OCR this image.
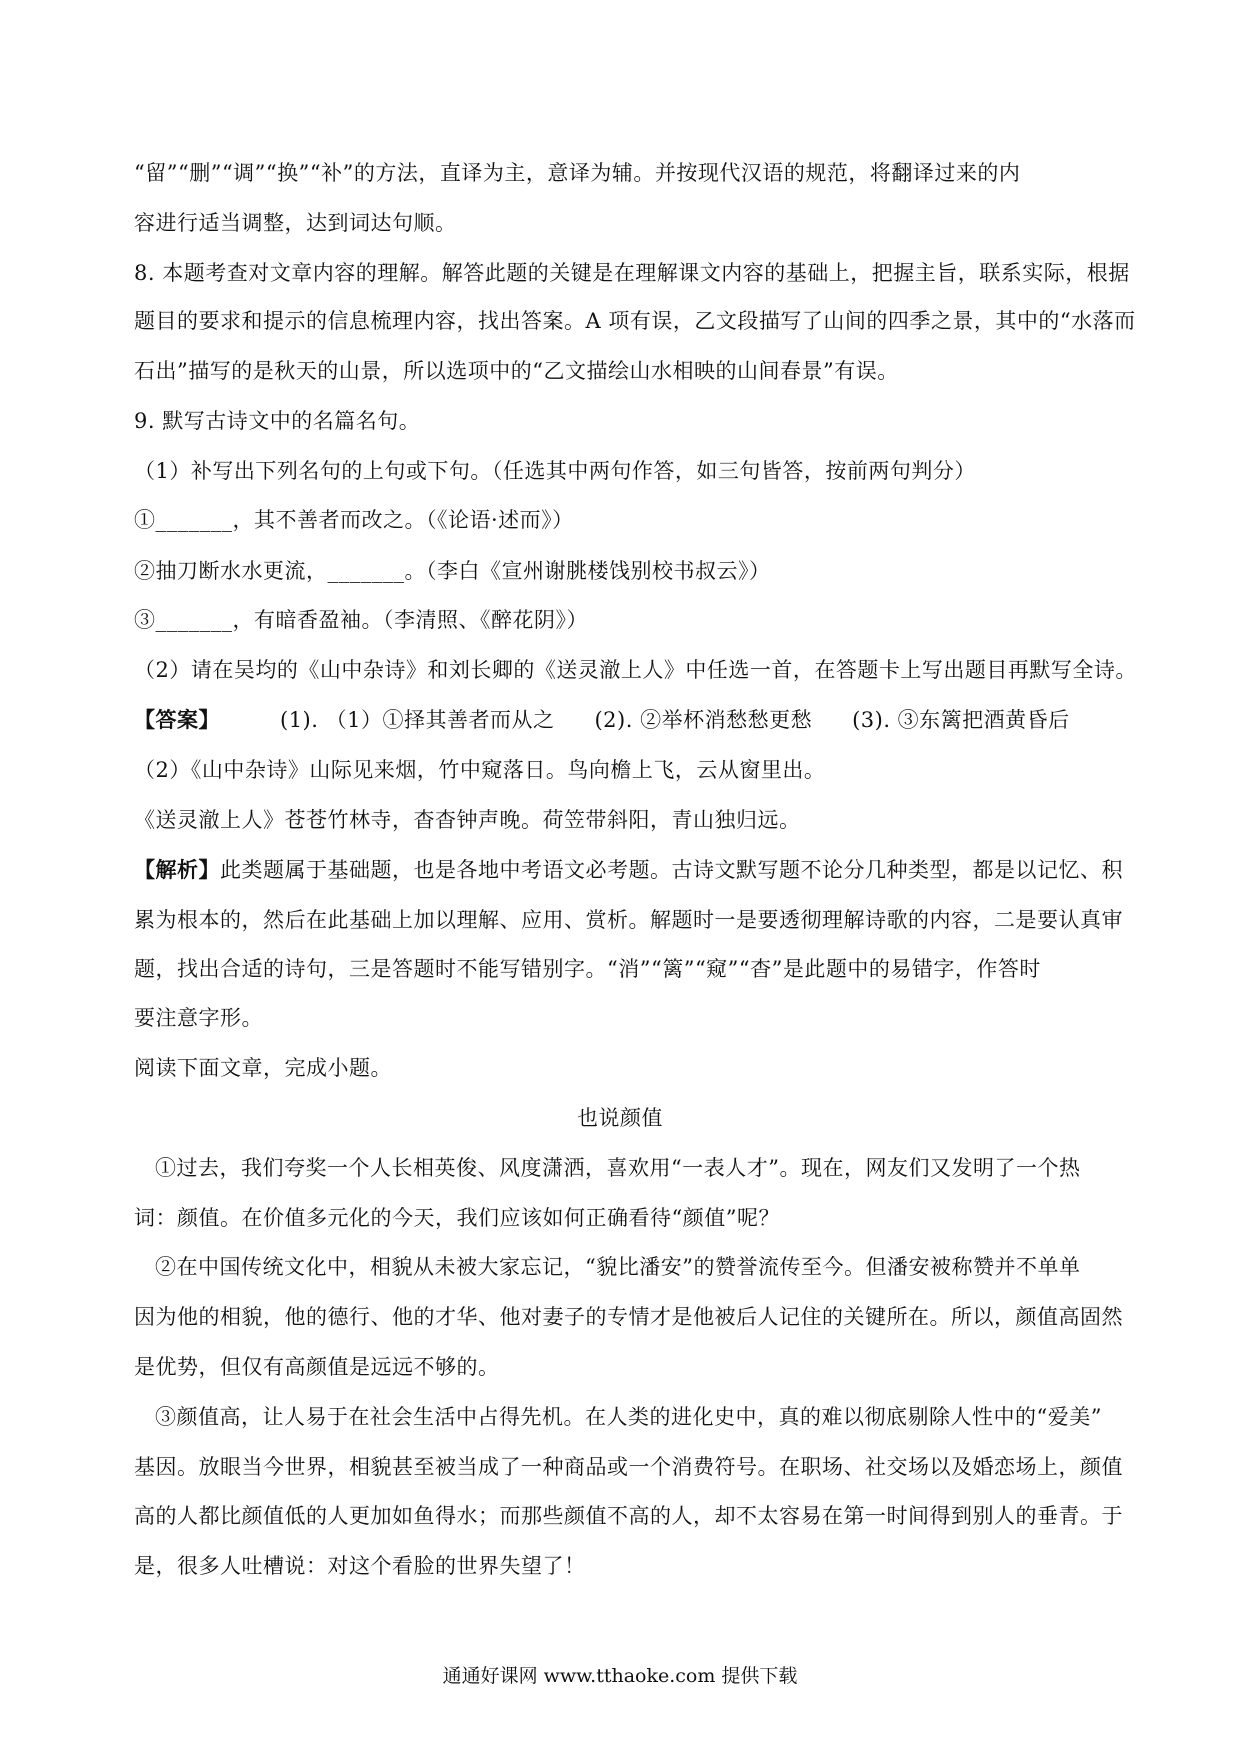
“留”“删”“调”“换”“补”的方法，直译为主，意译为辅。并按现代汉语的规范，将翻译过来的内
容进行适当调整，达到词达句顺。
8. 本题考查对文章内容的理解。解答此题的关键是在理解课文内容的基础上，把握主旨，联系实际，根据
题目的要求和提示的信息梳理内容，找出答案。A 项有误，乙文段描写了山间的四季之景，其中的“水落而
石出”描写的是秋天的山景，所以选项中的“乙文描绘山水相映的山间春景”有误。
9. 默写古诗文中的名篇名句。
（1）补写出下列名句的上句或下句。（任选其中两句作答，如三句皆答，按前两句判分）
①_______，其不善者而改之。（《论语·述而》）
②抽刀断水水更流，_______。（李白《宣州谢朓楼饯别校书叔云》）
③_______，有暗香盈袖。（李清照、《醉花阴》）
（2）请在吴均的《山中杂诗》和刘长卿的《送灵澈上人》中任选一首，在答题卡上写出题目再默写全诗。
【答案】	(1). （1）①择其善者而从之 (2). ②举杯消愁愁更愁 (3). ③东篱把酒黄昏后
（2）《山中杂诗》山际见来烟，竹中窥落日。鸟向檐上飞，云从窗里出。
《送灵澈上人》苍苍竹林寺，杳杳钟声晚。荷笠带斜阳，青山独归远。
【解析】此类题属于基础题，也是各地中考语文必考题。古诗文默写题不论分几种类型，都是以记忆、积
累为根本的，然后在此基础上加以理解、应用、赏析。解题时一是要透彻理解诗歌的内容，二是要认真审
题，找出合适的诗句，三是答题时不能写错别字。“消”“篱”“窥”“杳”是此题中的易错字，作答时
要注意字形。
阅读下面文章，完成小题。
也说颜值
①过去，我们夸奖一个人长相英俊、风度潇洒，喜欢用“一表人才”。现在，网友们又发明了一个热
词：颜值。在价值多元化的今天，我们应该如何正确看待“颜值”呢？
②在中国传统文化中，相貌从未被大家忘记，“貌比潘安”的赞誉流传至今。但潘安被称赞并不单单
因为他的相貌，他的德行、他的才华、他对妻子的专情才是他被后人记住的关键所在。所以，颜值高固然
是优势，但仅有高颜值是远远不够的。
③颜值高，让人易于在社会生活中占得先机。在人类的进化史中，真的难以彻底剔除人性中的“爱美”
基因。放眼当今世界，相貌甚至被当成了一种商品或一个消费符号。在职场、社交场以及婚恋场上，颜值
高的人都比颜值低的人更加如鱼得水；而那些颜值不高的人，却不太容易在第一时间得到别人的垂青。于
是，很多人吐槽说：对这个看脸的世界失望了！
通通好课网 www.tthaoke.com 提供下载
